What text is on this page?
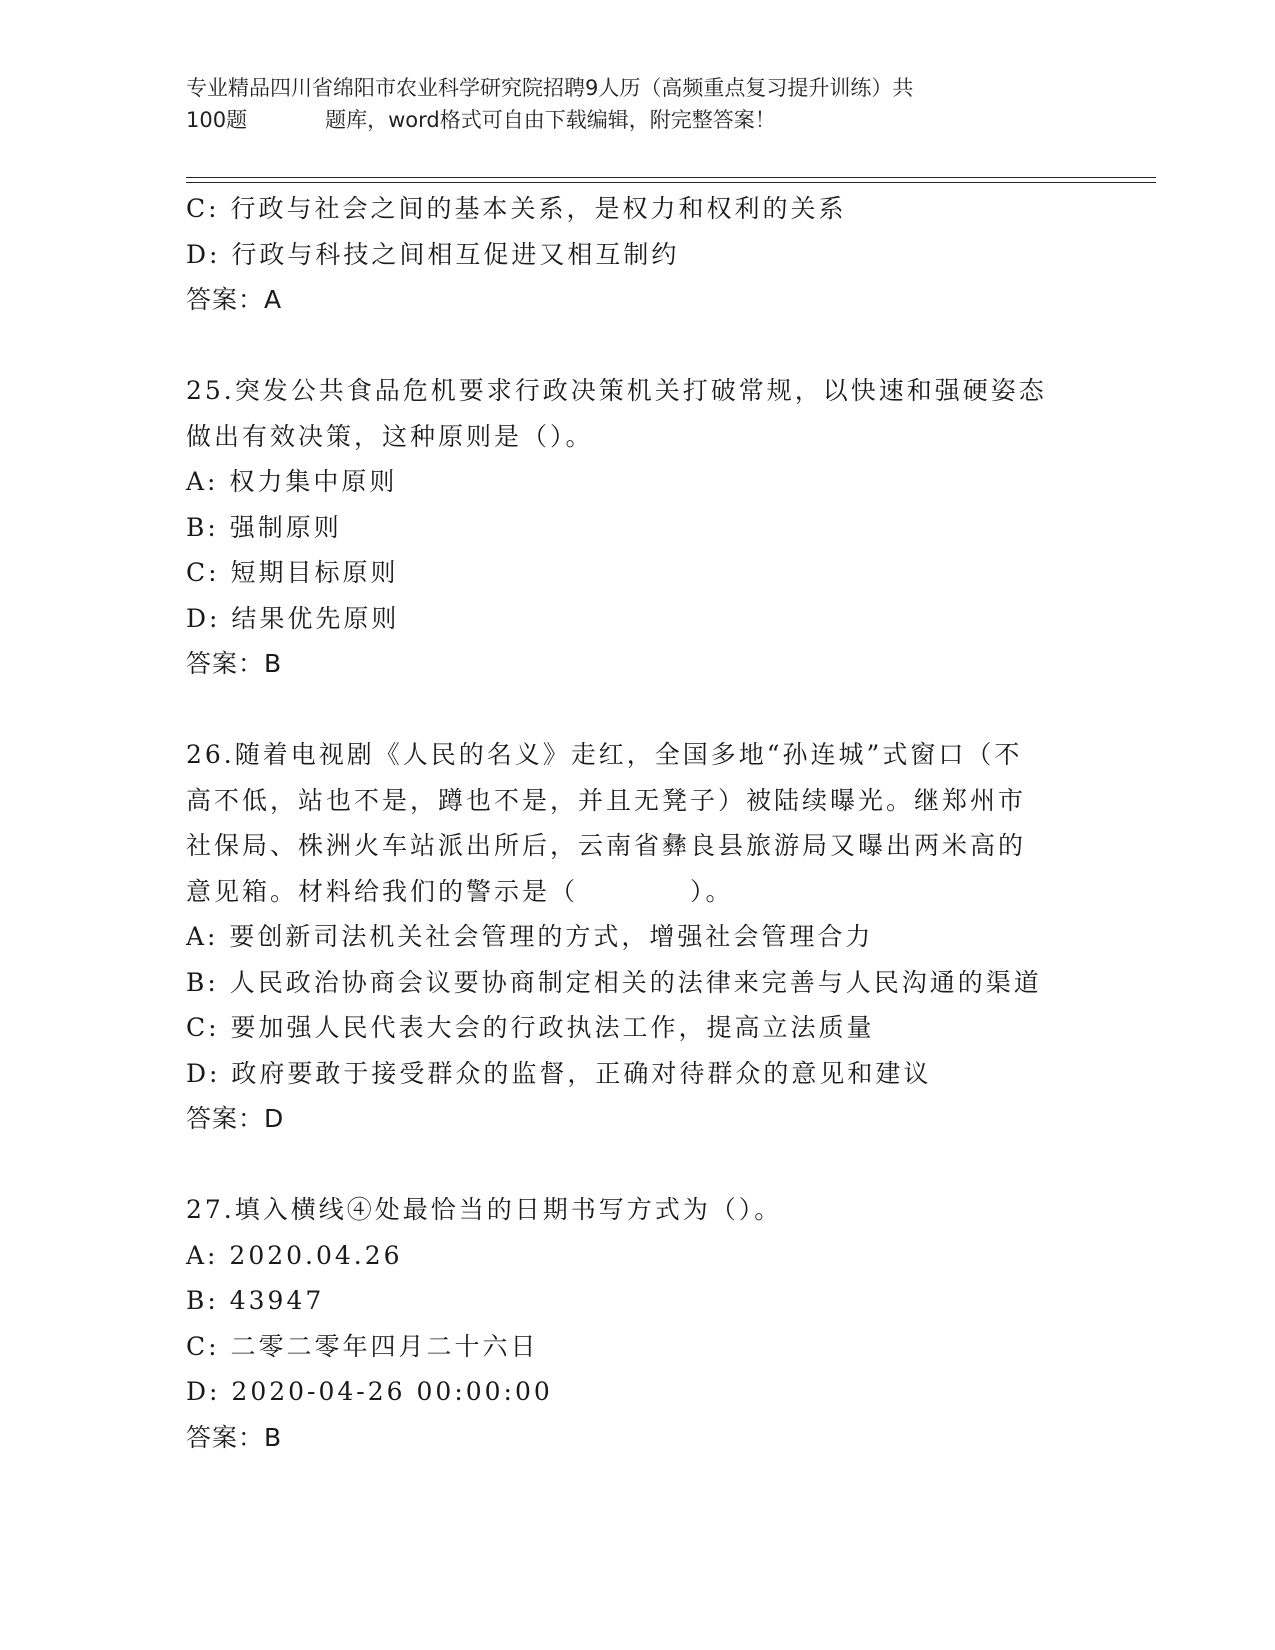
专业精品四川省绵阳市农业科学研究院招聘9人历（高频重点复习提升训练）共
100题	题库，word格式可自由下载编辑，附完整答案！
C: 行政与社会之间的基本关系，是权力和权利的关系
D: 行政与科技之间相互促进又相互制约
答案：A
25.突发公共食品危机要求行政决策机关打破常规，以快速和强硬姿态
做出有效决策，这种原则是（）。
A: 权力集中原则
B: 强制原则
C: 短期目标原则
D: 结果优先原则
答案：B
26.随着电视剧《人民的名义》走红，全国多地“孙连城”式窗口（不
高不低，站也不是，蹲也不是，并且无凳子）被陆续曝光。继郑州市
社保局、株洲火车站派出所后，云南省彝良县旅游局又曝出两米高的
意见箱。材料给我们的警示是（　　　　）。
A: 要创新司法机关社会管理的方式，增强社会管理合力
B: 人民政治协商会议要协商制定相关的法律来完善与人民沟通的渠道
C: 要加强人民代表大会的行政执法工作，提高立法质量
D: 政府要敢于接受群众的监督，正确对待群众的意见和建议
答案：D
27.填入横线④处最恰当的日期书写方式为（）。
A: 2020.04.26
B: 43947
C: 二零二零年四月二十六日
D: 2020-04-26 00:00:00
答案：B
